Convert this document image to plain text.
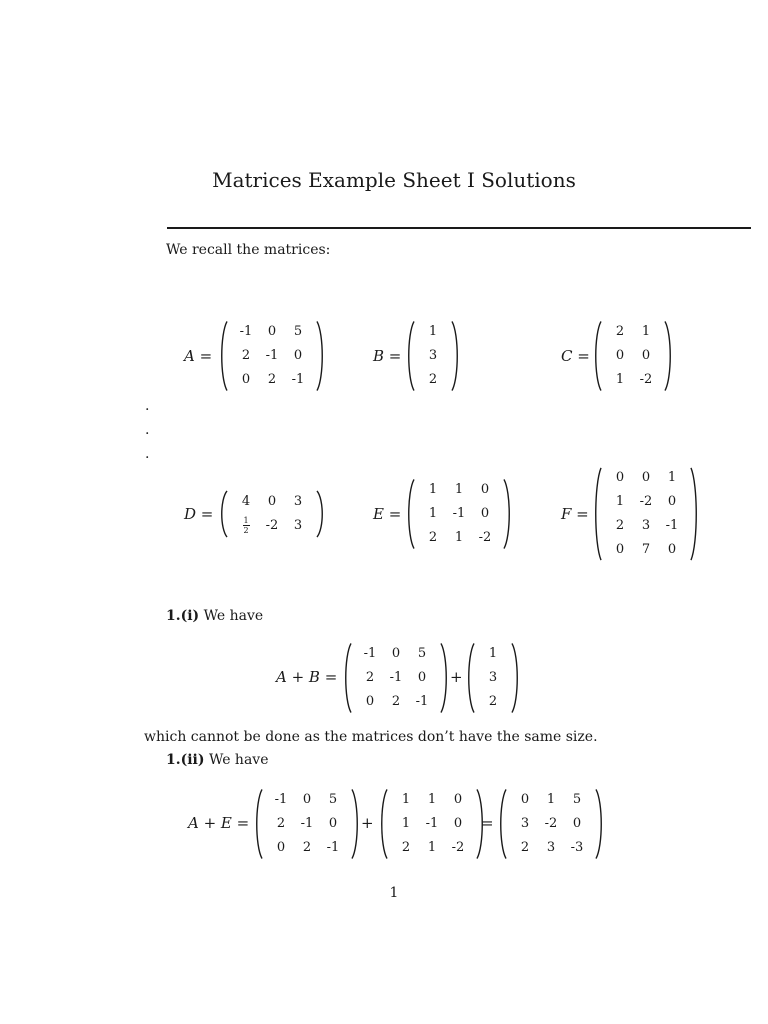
Matrices Example Sheet I Solutions
We recall the matrices:
A =
-1	0	5
2	-1	0
0	2	-1
B =
1
3
2
C =
2	1
0	0
1	-2
.
.
.
D =
4	0	3
$\frac{1}{2}$	-2	3
E =
1	1	0
1	-1	0
2	1	-2
F =
0	0	1
1	-2	0
2	3	-1
0	7	0
1.(i) We have
A + B =
-1	0	5
2	-1	0
0	2	-1
+
1
3
2
which cannot be done as the matrices don’t have the same size.
1.(ii) We have
A + E =
-1	0	5
2	-1	0
0	2	-1
+
1	1	0
1	-1	0
2	1	-2
=
0	1	5
3	-2	0
2	3	-3
1
